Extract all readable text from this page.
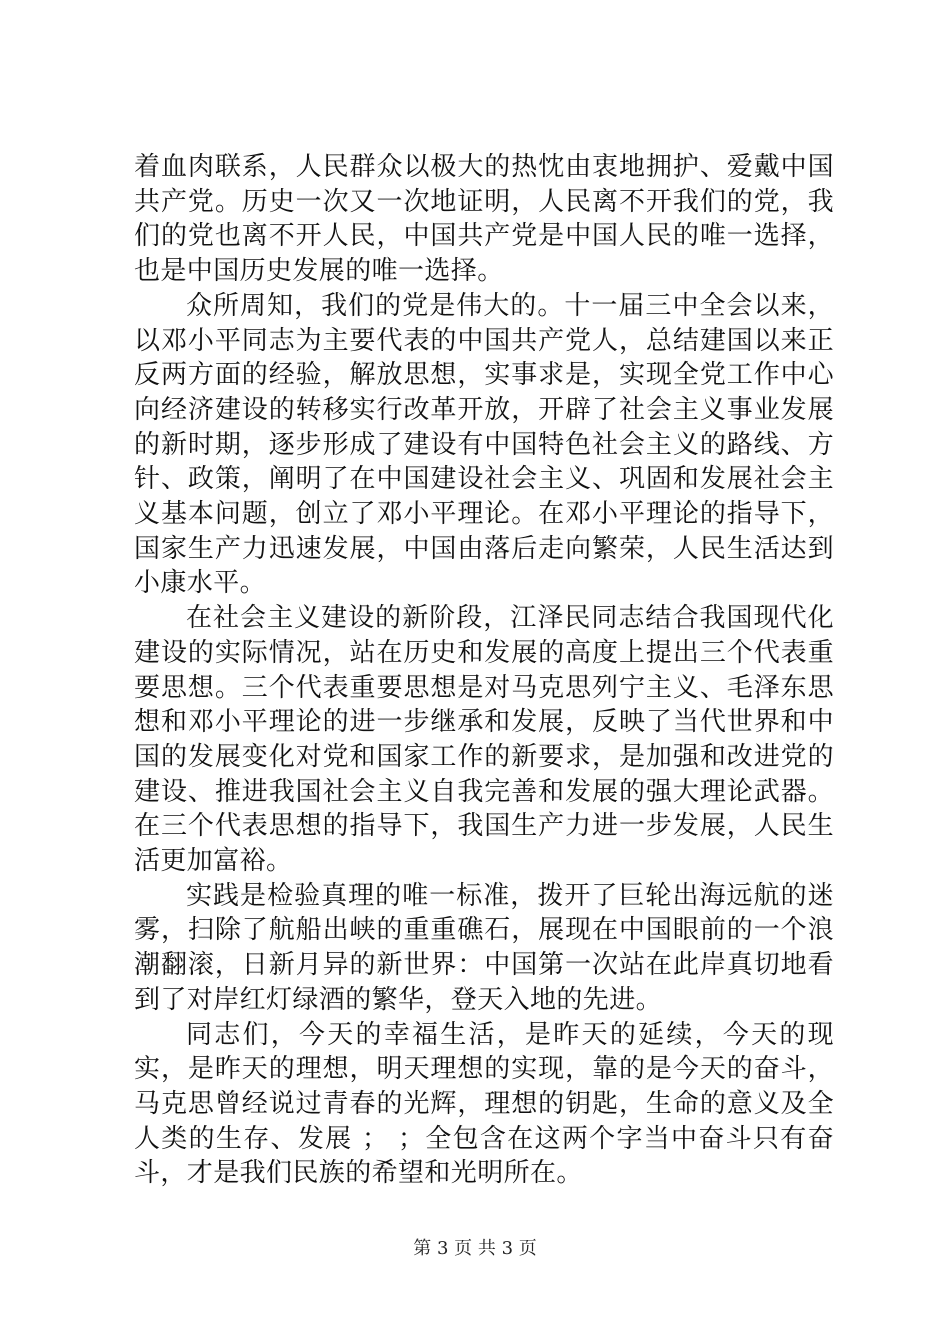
着血肉联系，人民群众以极大的热忱由衷地拥护、爱戴中国共产党。历史一次又一次地证明，人民离不开我们的党，我们的党也离不开人民，中国共产党是中国人民的唯一选择，也是中国历史发展的唯一选择。

众所周知，我们的党是伟大的。十一届三中全会以来，以邓小平同志为主要代表的中国共产党人，总结建国以来正反两方面的经验，解放思想，实事求是，实现全党工作中心向经济建设的转移实行改革开放，开辟了社会主义事业发展的新时期，逐步形成了建设有中国特色社会主义的路线、方针、政策，阐明了在中国建设社会主义、巩固和发展社会主义基本问题，创立了邓小平理论。在邓小平理论的指导下，国家生产力迅速发展，中国由落后走向繁荣，人民生活达到小康水平。

在社会主义建设的新阶段，江泽民同志结合我国现代化建设的实际情况，站在历史和发展的高度上提出三个代表重要思想。三个代表重要思想是对马克思列宁主义、毛泽东思想和邓小平理论的进一步继承和发展，反映了当代世界和中国的发展变化对党和国家工作的新要求，是加强和改进党的建设、推进我国社会主义自我完善和发展的强大理论武器。在三个代表思想的指导下，我国生产力进一步发展，人民生活更加富裕。

实践是检验真理的唯一标准，拨开了巨轮出海远航的迷雾，扫除了航船出峡的重重礁石，展现在中国眼前的一个浪潮翻滚，日新月异的新世界：中国第一次站在此岸真切地看到了对岸红灯绿酒的繁华，登天入地的先进。

同志们，今天的幸福生活，是昨天的延续，今天的现实，是昨天的理想，明天理想的实现，靠的是今天的奋斗，马克思曾经说过青春的光辉，理想的钥匙，生命的意义及全人类的生存、发展 ； ；全包含在这两个字当中奋斗只有奋斗，才是我们民族的希望和光明所在。

第 3 页 共 3 页
